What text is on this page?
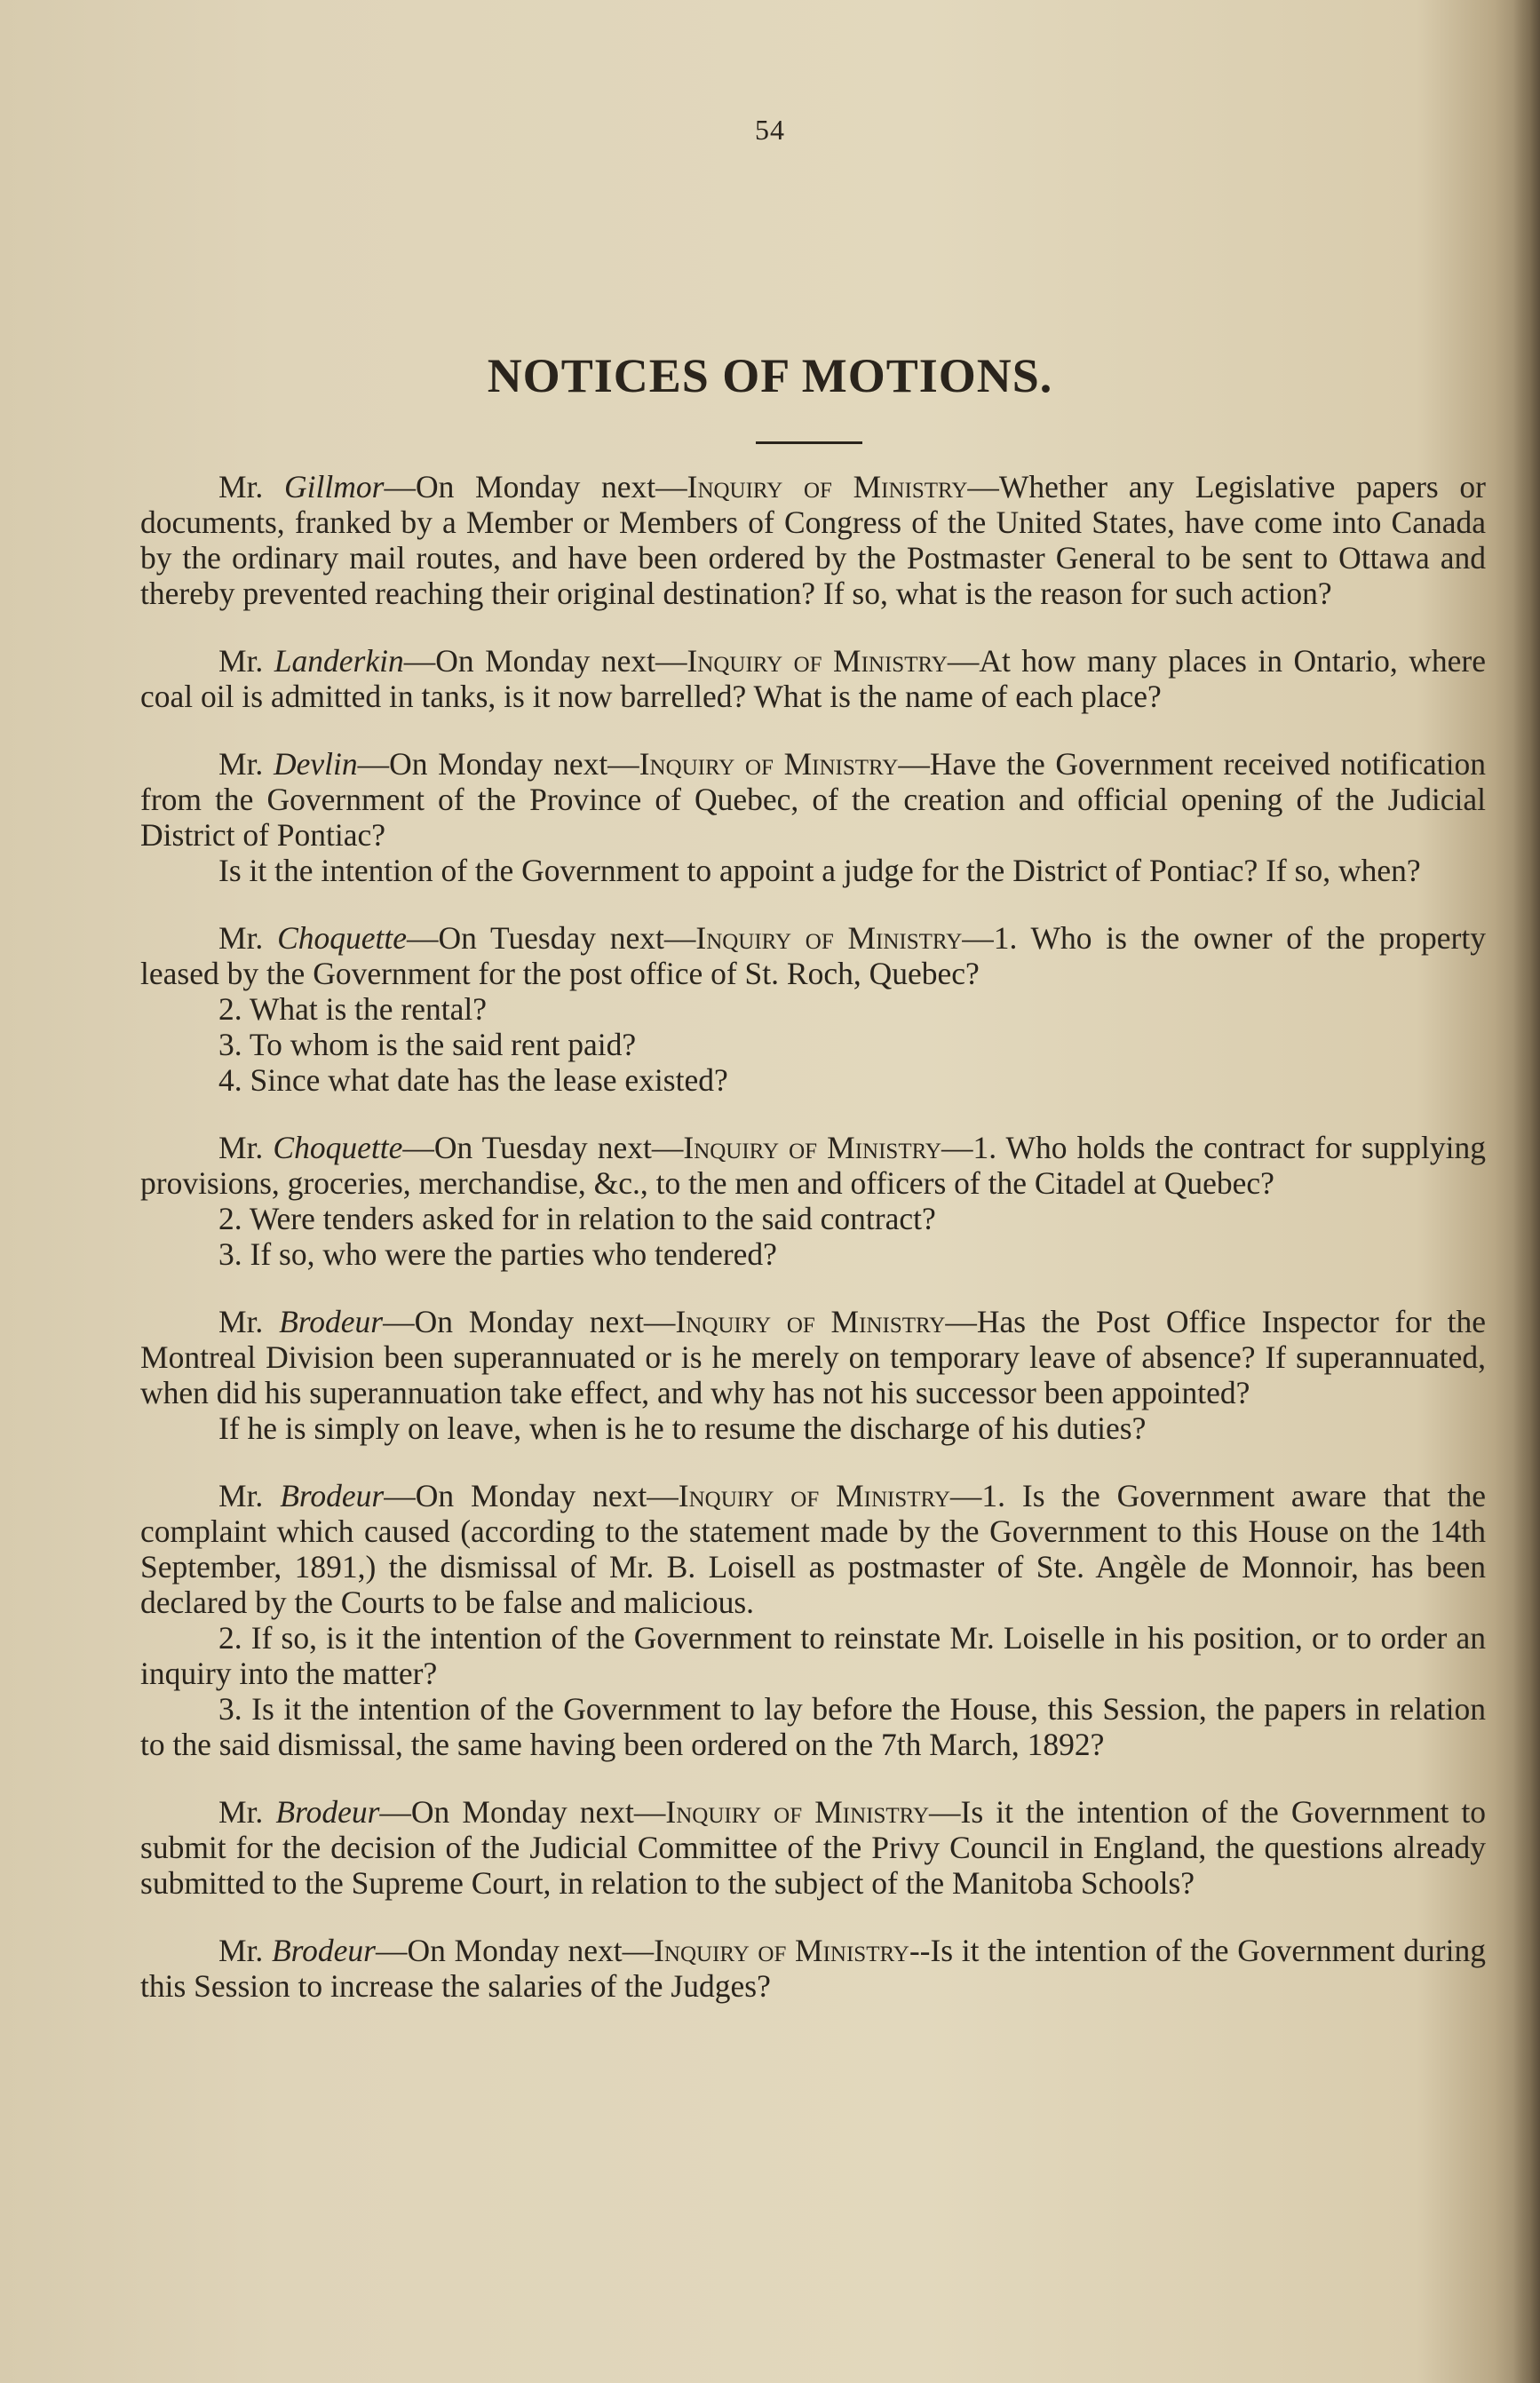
54
NOTICES OF MOTIONS.

Mr. Gillmor—On Monday next—Inquiry of Ministry—Whether any Legislative papers or documents, franked by a Member or Members of Congress of the United States, have come into Canada by the ordinary mail routes, and have been ordered by the Postmaster General to be sent to Ottawa and thereby prevented reaching their original destination? If so, what is the reason for such action?

Mr. Landerkin—On Monday next—Inquiry of Ministry—At how many places in Ontario, where coal oil is admitted in tanks, is it now barrelled? What is the name of each place?

Mr. Devlin—On Monday next—Inquiry of Ministry—Have the Government received notification from the Government of the Province of Quebec, of the creation and official opening of the Judicial District of Pontiac?

Is it the intention of the Government to appoint a judge for the District of Pontiac? If so, when?

Mr. Choquette—On Tuesday next—Inquiry of Ministry—1. Who is the owner of the property leased by the Government for the post office of St. Roch, Quebec?

2. What is the rental?

3. To whom is the said rent paid?

4. Since what date has the lease existed?

Mr. Choquette—On Tuesday next—Inquiry of Ministry—1. Who holds the contract for supplying provisions, groceries, merchandise, &c., to the men and officers of the Citadel at Quebec?

2. Were tenders asked for in relation to the said contract?

3. If so, who were the parties who tendered?

Mr. Brodeur—On Monday next—Inquiry of Ministry—Has the Post Office Inspector for the Montreal Division been superannuated or is he merely on temporary leave of absence? If superannuated, when did his superannuation take effect, and why has not his successor been appointed?

If he is simply on leave, when is he to resume the discharge of his duties?

Mr. Brodeur—On Monday next—Inquiry of Ministry—1. Is the Government aware that the complaint which caused (according to the statement made by the Government to this House on the 14th September, 1891,) the dismissal of Mr. B. Loisell as postmaster of Ste. Angèle de Monnoir, has been declared by the Courts to be false and malicious.

2. If so, is it the intention of the Government to reinstate Mr. Loiselle in his position, or to order an inquiry into the matter?

3. Is it the intention of the Government to lay before the House, this Session, the papers in relation to the said dismissal, the same having been ordered on the 7th March, 1892?

Mr. Brodeur—On Monday next—Inquiry of Ministry—Is it the intention of the Government to submit for the decision of the Judicial Committee of the Privy Council in England, the questions already submitted to the Supreme Court, in relation to the subject of the Manitoba Schools?

Mr. Brodeur—On Monday next—Inquiry of Ministry--Is it the intention of the Government during this Session to increase the salaries of the Judges?
